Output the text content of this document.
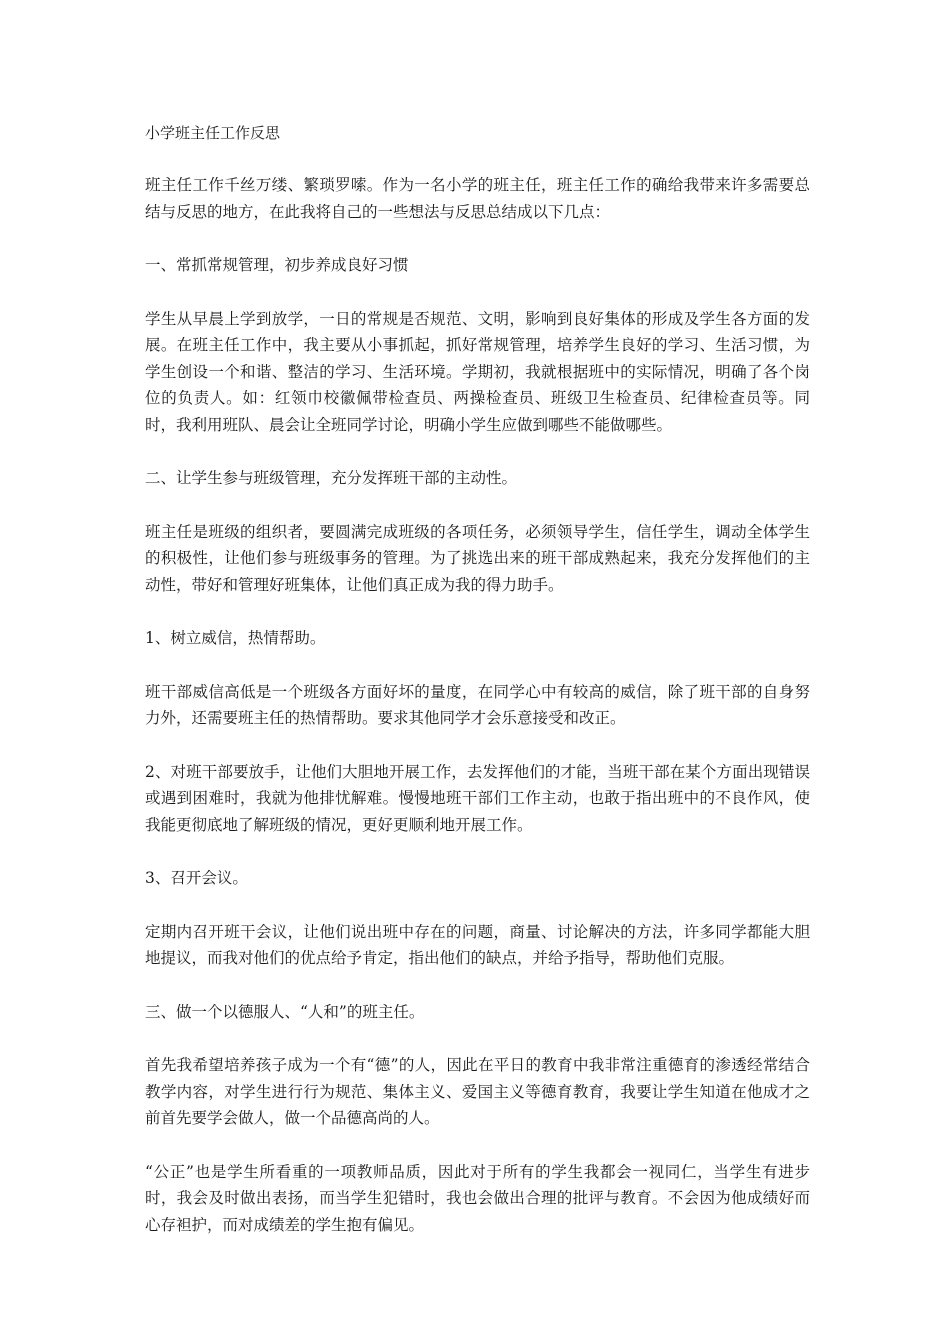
小学班主任工作反思

班主任工作千丝万缕、繁琐罗嗦。作为一名小学的班主任，班主任工作的确给我带来许多需要总结与反思的地方，在此我将自己的一些想法与反思总结成以下几点：

一、常抓常规管理，初步养成良好习惯

学生从早晨上学到放学，一日的常规是否规范、文明，影响到良好集体的形成及学生各方面的发展。在班主任工作中，我主要从小事抓起，抓好常规管理，培养学生良好的学习、生活习惯，为学生创设一个和谐、整洁的学习、生活环境。学期初，我就根据班中的实际情况，明确了各个岗位的负责人。如：红领巾校徽佩带检查员、两操检查员、班级卫生检查员、纪律检查员等。同时，我利用班队、晨会让全班同学讨论，明确小学生应做到哪些不能做哪些。

二、让学生参与班级管理，充分发挥班干部的主动性。

班主任是班级的组织者，要圆满完成班级的各项任务，必须领导学生，信任学生，调动全体学生的积极性，让他们参与班级事务的管理。为了挑选出来的班干部成熟起来，我充分发挥他们的主动性，带好和管理好班集体，让他们真正成为我的得力助手。

1、树立威信，热情帮助。

班干部威信高低是一个班级各方面好坏的量度，在同学心中有较高的威信，除了班干部的自身努力外，还需要班主任的热情帮助。要求其他同学才会乐意接受和改正。

2、对班干部要放手，让他们大胆地开展工作，去发挥他们的才能，当班干部在某个方面出现错误或遇到困难时，我就为他排忧解难。慢慢地班干部们工作主动，也敢于指出班中的不良作风，使我能更彻底地了解班级的情况，更好更顺利地开展工作。

3、召开会议。

定期内召开班干会议，让他们说出班中存在的问题，商量、讨论解决的方法，许多同学都能大胆地提议，而我对他们的优点给予肯定，指出他们的缺点，并给予指导，帮助他们克服。

三、做一个以德服人、“人和”的班主任。

首先我希望培养孩子成为一个有“德”的人，因此在平日的教育中我非常注重德育的渗透经常结合教学内容，对学生进行行为规范、集体主义、爱国主义等德育教育，我要让学生知道在他成才之前首先要学会做人，做一个品德高尚的人。

“公正”也是学生所看重的一项教师品质，因此对于所有的学生我都会一视同仁，当学生有进步时，我会及时做出表扬，而当学生犯错时，我也会做出合理的批评与教育。不会因为他成绩好而心存袒护，而对成绩差的学生抱有偏见。
